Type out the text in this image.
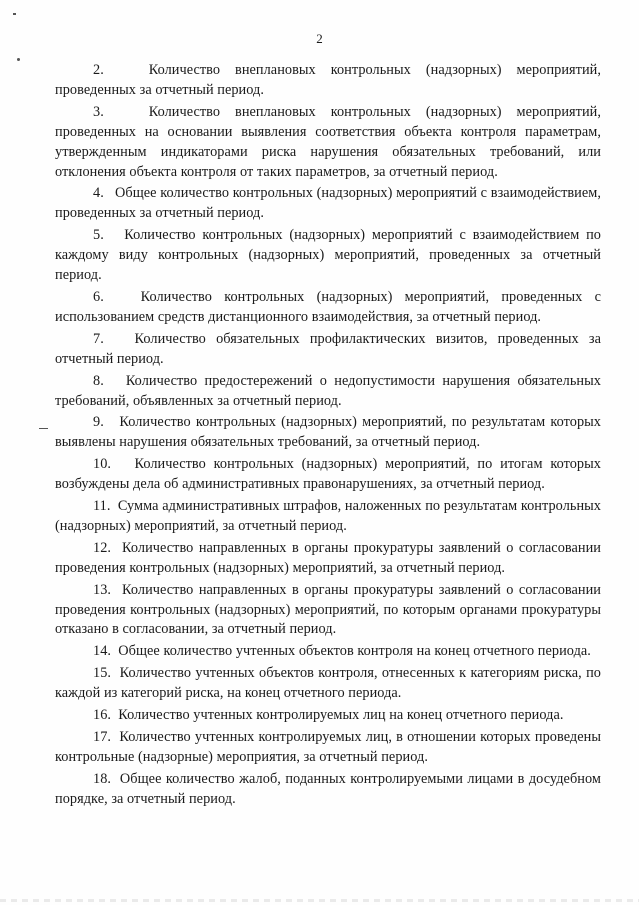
2

2.	Количество внеплановых контрольных (надзорных) мероприятий, проведенных за отчетный период.

3.	Количество внеплановых контрольных (надзорных) мероприятий, проведенных на основании выявления соответствия объекта контроля параметрам, утвержденным индикаторами риска нарушения обязательных требований, или отклонения объекта контроля от таких параметров, за отчетный период.

4. Общее количество контрольных (надзорных) мероприятий с взаимодействием, проведенных за отчетный период.

5. Количество контрольных (надзорных) мероприятий с взаимодействием по каждому виду контрольных (надзорных) мероприятий, проведенных за отчетный период.

6.	Количество контрольных (надзорных) мероприятий, проведенных с использованием средств дистанционного взаимодействия, за отчетный период.

7. Количество обязательных профилактических визитов, проведенных за отчетный период.

8. Количество предостережений о недопустимости нарушения обязательных требований, объявленных за отчетный период.

9. Количество контрольных (надзорных) мероприятий, по результатам которых выявлены нарушения обязательных требований, за отчетный период.

10. Количество контрольных (надзорных) мероприятий, по итогам которых возбуждены дела об административных правонарушениях, за отчетный период.

11. Сумма административных штрафов, наложенных по результатам контрольных (надзорных) мероприятий, за отчетный период.

12. Количество направленных в органы прокуратуры заявлений о согласовании проведения контрольных (надзорных) мероприятий, за отчетный период.

13. Количество направленных в органы прокуратуры заявлений о согласовании проведения контрольных (надзорных) мероприятий, по которым органами прокуратуры отказано в согласовании, за отчетный период.

14. Общее количество учтенных объектов контроля на конец отчетного периода.

15. Количество учтенных объектов контроля, отнесенных к категориям риска, по каждой из категорий риска, на конец отчетного периода.

16. Количество учтенных контролируемых лиц на конец отчетного периода.

17. Количество учтенных контролируемых лиц, в отношении которых проведены контрольные (надзорные) мероприятия, за отчетный период.

18. Общее количество жалоб, поданных контролируемыми лицами в досудебном порядке, за отчетный период.
